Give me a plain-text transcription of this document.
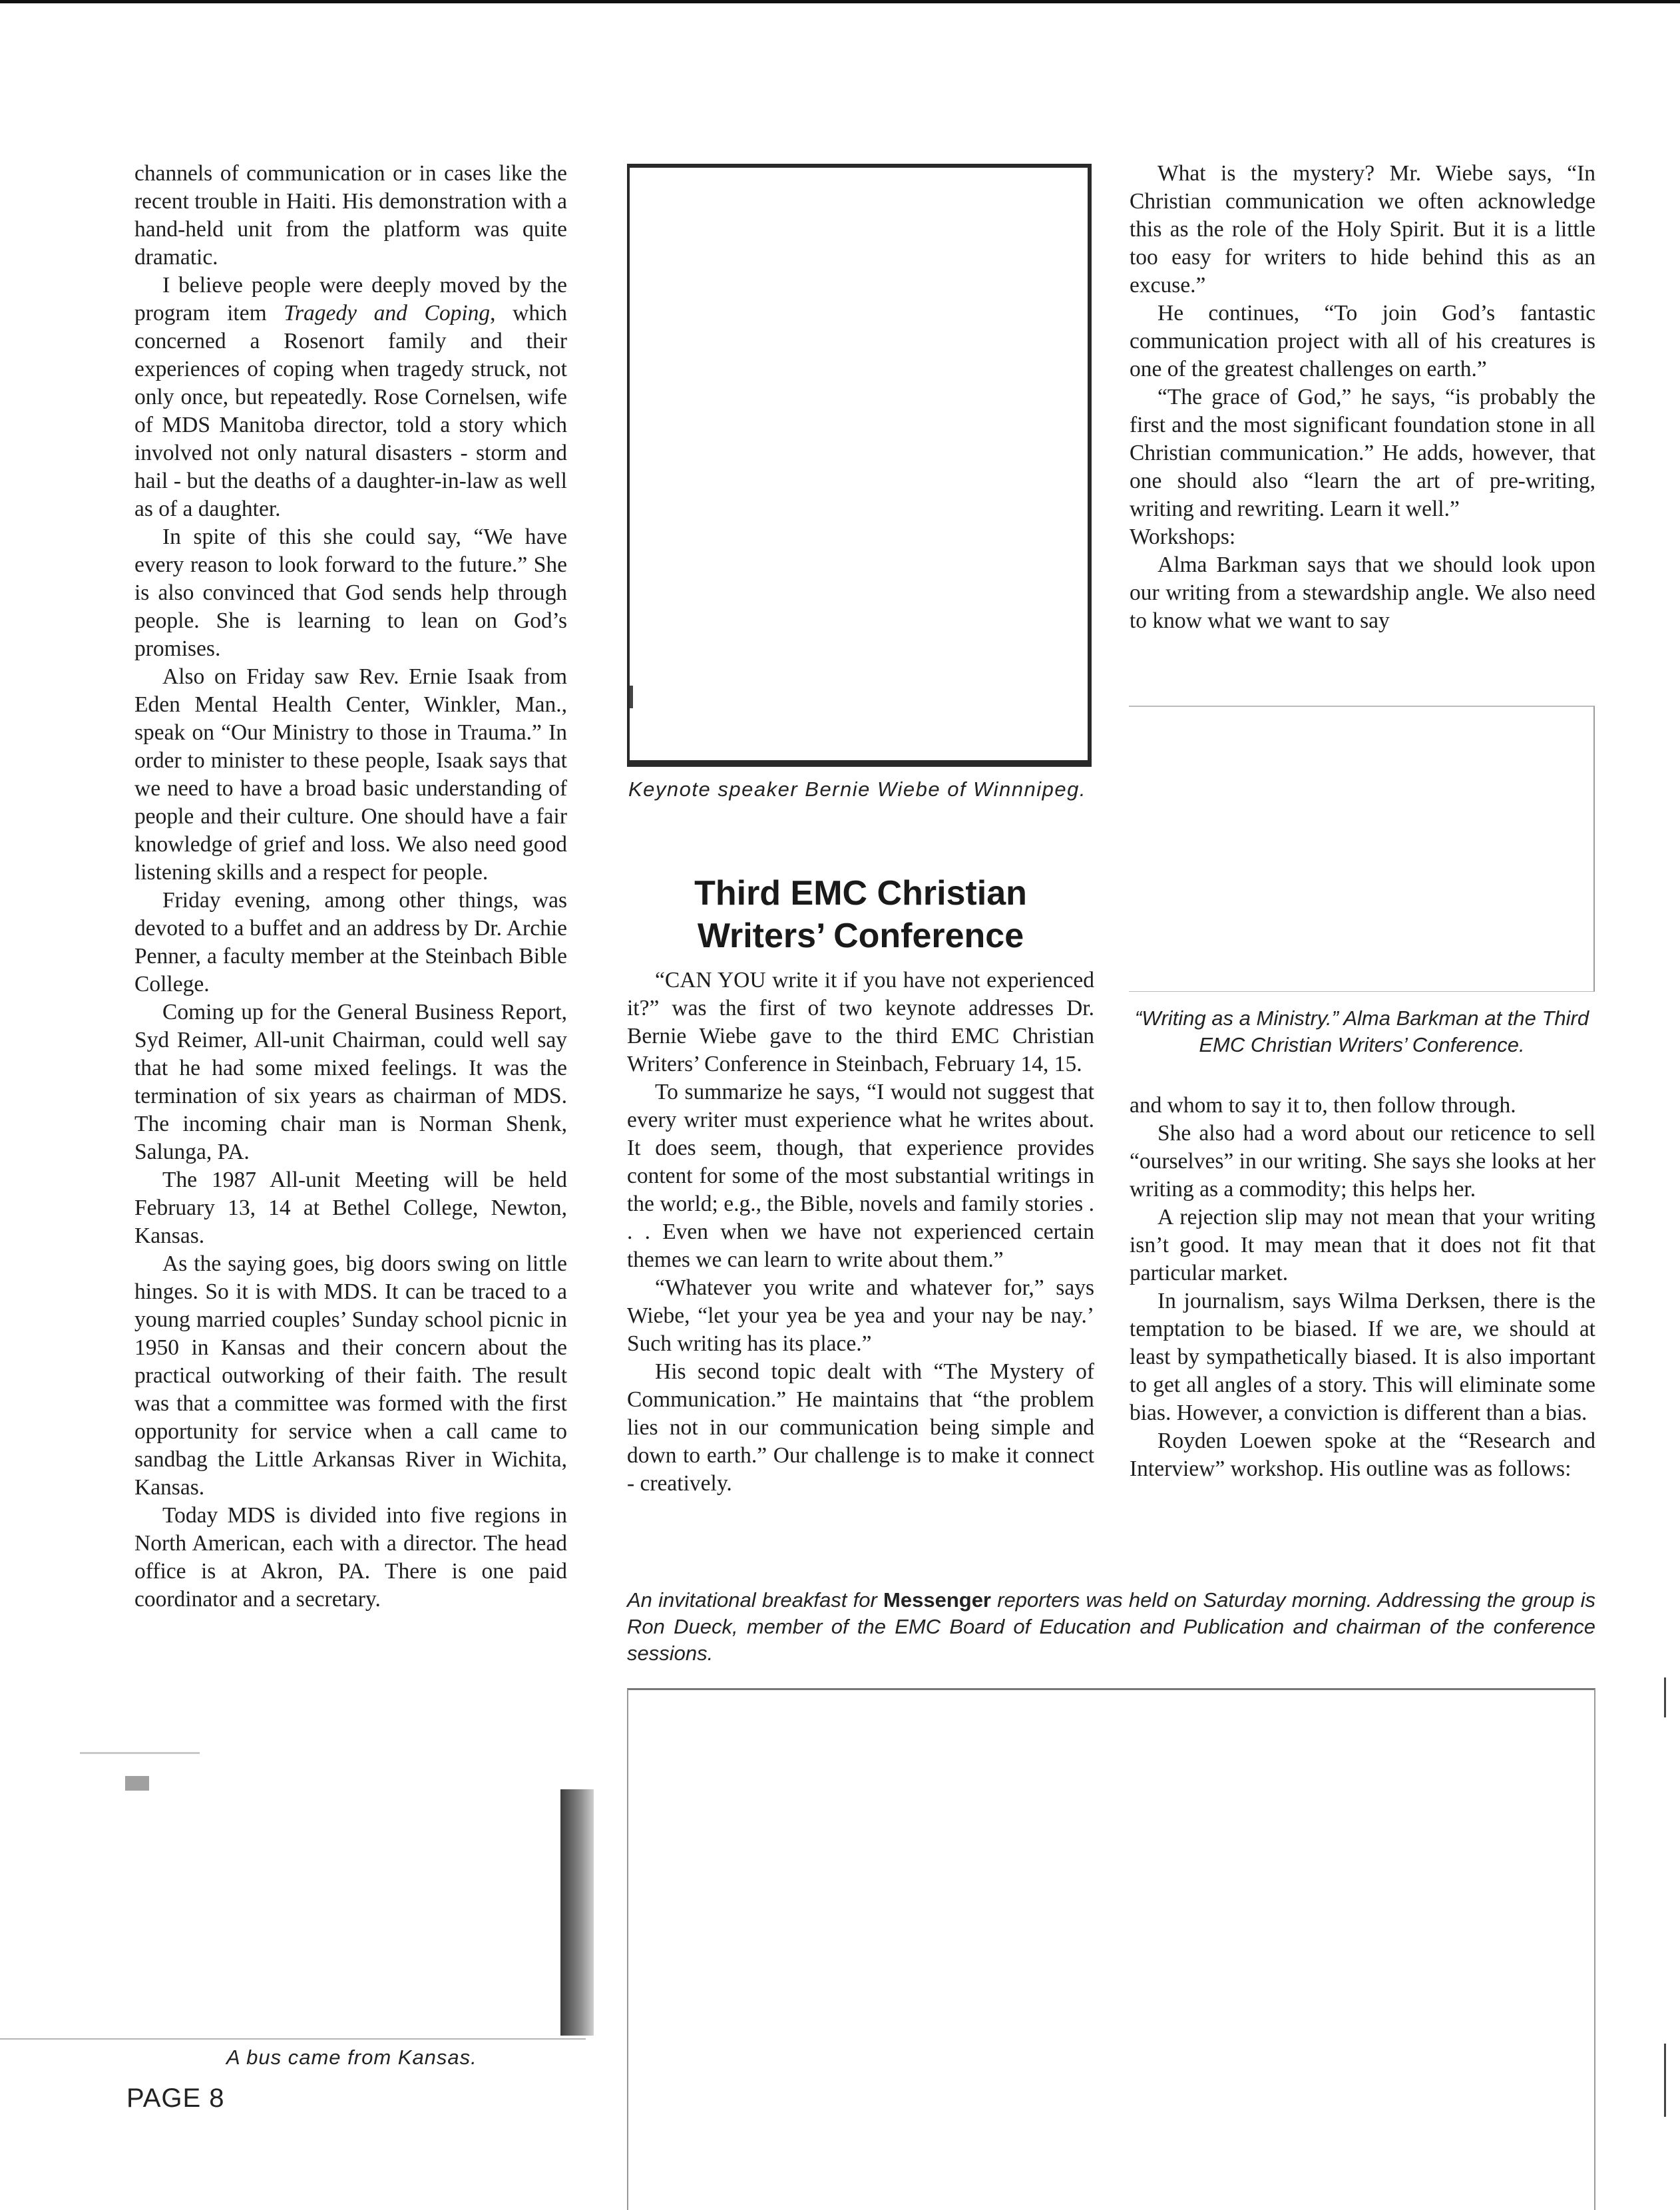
channels of communication or in cases like the recent trouble in Haiti. His demonstration with a hand-held unit from the platform was quite dramatic.

I believe people were deeply moved by the program item Tragedy and Coping, which concerned a Rosenort family and their experiences of coping when tragedy struck, not only once, but repeatedly. Rose Cornelsen, wife of MDS Manitoba director, told a story which involved not only natural disasters - storm and hail - but the deaths of a daughter-in-law as well as of a daughter.

In spite of this she could say, “We have every reason to look forward to the future.” She is also convinced that God sends help through people. She is learning to lean on God’s promises.

Also on Friday saw Rev. Ernie Isaak from Eden Mental Health Center, Winkler, Man., speak on “Our Ministry to those in Trauma.” In order to minister to these people, Isaak says that we need to have a broad basic understanding of people and their culture. One should have a fair knowledge of grief and loss. We also need good listening skills and a respect for people.

Friday evening, among other things, was devoted to a buffet and an address by Dr. Archie Penner, a faculty member at the Steinbach Bible College.

Coming up for the General Business Report, Syd Reimer, All-unit Chairman, could well say that he had some mixed feelings. It was the termination of six years as chairman of MDS. The incoming chair man is Norman Shenk, Salunga, PA.

The 1987 All-unit Meeting will be held February 13, 14 at Bethel College, Newton, Kansas.

As the saying goes, big doors swing on little hinges. So it is with MDS. It can be traced to a young married couples’ Sunday school picnic in 1950 in Kansas and their concern about the practical outworking of their faith. The result was that a committee was formed with the first opportunity for service when a call came to sandbag the Little Arkansas River in Wichita, Kansas.

Today MDS is divided into five regions in North American, each with a director. The head office is at Akron, PA. There is one paid coordinator and a secretary.

A bus came from Kansas.
Keynote speaker Bernie Wiebe of Winnnipeg.
Third EMC Christian Writers’ Conference

“CAN YOU write it if you have not experienced it?” was the first of two keynote addresses Dr. Bernie Wiebe gave to the third EMC Christian Writers’ Conference in Steinbach, February 14, 15.

To summarize he says, “I would not suggest that every writer must experience what he writes about. It does seem, though, that experience provides content for some of the most substantial writings in the world; e.g., the Bible, novels and family stories . . . Even when we have not experienced certain themes we can learn to write about them.”

“Whatever you write and whatever for,” says Wiebe, “let your yea be yea and your nay be nay.’ Such writing has its place.”

His second topic dealt with “The Mystery of Communication.” He maintains that “the problem lies not in our communication being simple and down to earth.” Our challenge is to make it connect - creatively.

What is the mystery? Mr. Wiebe says, “In Christian communication we often acknowledge this as the role of the Holy Spirit. But it is a little too easy for writers to hide behind this as an excuse.”

He continues, “To join God’s fantastic communication project with all of his creatures is one of the greatest challenges on earth.”

“The grace of God,” he says, “is probably the first and the most significant foundation stone in all Christian communication.” He adds, however, that one should also “learn the art of pre-writing, writing and rewriting. Learn it well.”

Workshops:

Alma Barkman says that we should look upon our writing from a stewardship angle. We also need to know what we want to say

“Writing as a Ministry.” Alma Barkman at the Third EMC Christian Writers’ Conference.

and whom to say it to, then follow through.

She also had a word about our reticence to sell “ourselves” in our writing. She says she looks at her writing as a commodity; this helps her.

A rejection slip may not mean that your writing isn’t good. It may mean that it does not fit that particular market.

In journalism, says Wilma Derksen, there is the temptation to be biased. If we are, we should at least by sympathetically biased. It is also important to get all angles of a story. This will eliminate some bias. However, a conviction is different than a bias.

Royden Loewen spoke at the “Research and Interview” workshop. His outline was as follows:

An invitational breakfast for Messenger reporters was held on Saturday morning. Addressing the group is Ron Dueck, member of the EMC Board of Education and Publication and chairman of the conference sessions.
PAGE 8
